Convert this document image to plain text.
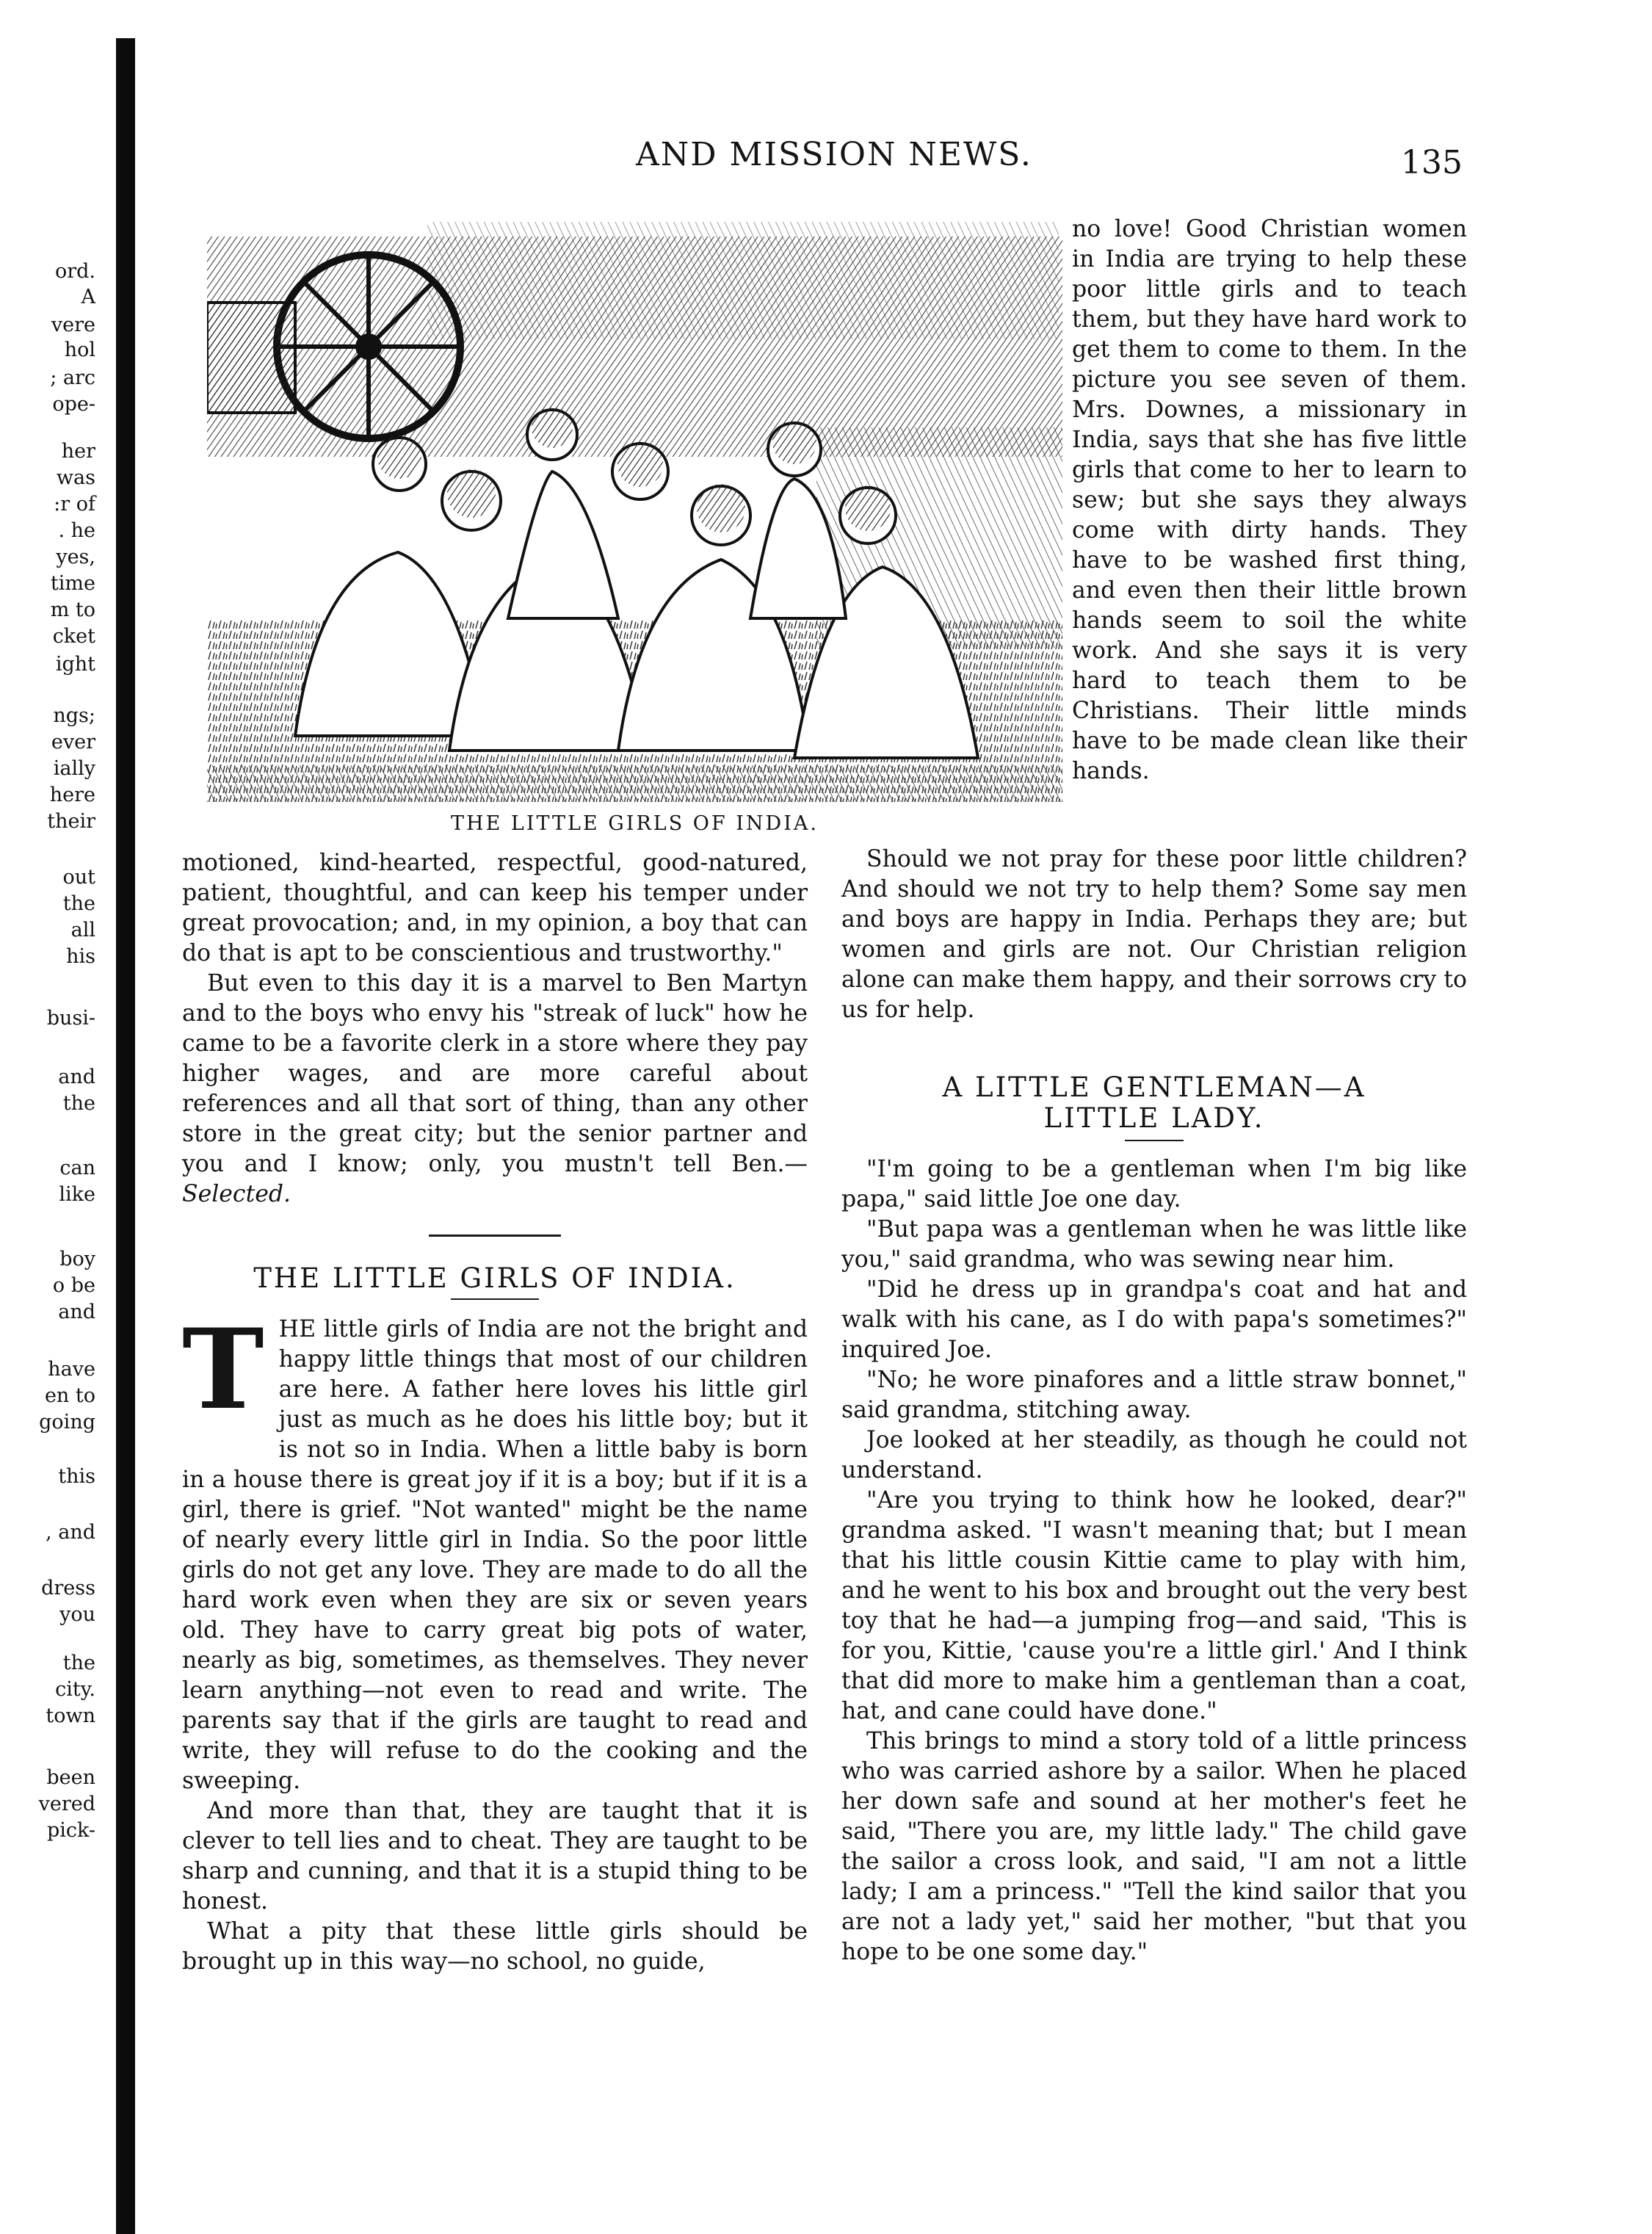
ord.
A
vere
hol
; arc
ope-
her
was
:r of
. he
yes,
time
m to
cket
ight
ngs;
ever
ially
here
their
out
the
all
his
busi-
and
the
can
like
boy
o be
and
have
en to
going
this
, and
dress
you
the
city.
town
been
vered
pick-
AND MISSION NEWS.	135
THE LITTLE GIRLS OF INDIA.

motioned, kind-hearted, respectful, good-natured, patient, thoughtful, and can keep his temper under great provocation; and, in my opinion, a boy that can do that is apt to be conscientious and trustworthy."

But even to this day it is a marvel to Ben Martyn and to the boys who envy his "streak of luck" how he came to be a favorite clerk in a store where they pay higher wages, and are more careful about references and all that sort of thing, than any other store in the great city; but the senior partner and you and I know; only, you mustn't tell Ben.—Selected.

THE LITTLE GIRLS OF INDIA.

THE little girls of India are not the bright and happy little things that most of our children are here. A father here loves his little girl just as much as he does his little boy; but it is not so in India. When a little baby is born in a house there is great joy if it is a boy; but if it is a girl, there is grief. "Not wanted" might be the name of nearly every little girl in India. So the poor little girls do not get any love. They are made to do all the hard work even when they are six or seven years old. They have to carry great big pots of water, nearly as big, sometimes, as themselves. They never learn anything—not even to read and write. The parents say that if the girls are taught to read and write, they will refuse to do the cooking and the sweeping.

And more than that, they are taught that it is clever to tell lies and to cheat. They are taught to be sharp and cunning, and that it is a stupid thing to be honest.

What a pity that these little girls should be brought up in this way—no school, no guide,

no love! Good Christian women in India are trying to help these poor little girls and to teach them, but they have hard work to get them to come to them. In the picture you see seven of them. Mrs. Downes, a missionary in India, says that she has five little girls that come to her to learn to sew; but she says they always come with dirty hands. They have to be washed first thing, and even then their little brown hands seem to soil the white work. And she says it is very hard to teach them to be Christians. Their little minds have to be made clean like their hands.

Should we not pray for these poor little children? And should we not try to help them? Some say men and boys are happy in India. Perhaps they are; but women and girls are not. Our Christian religion alone can make them happy, and their sorrows cry to us for help.

A LITTLE GENTLEMAN—A LITTLE LADY.

"I'm going to be a gentleman when I'm big like papa," said little Joe one day.

"But papa was a gentleman when he was little like you," said grandma, who was sewing near him.

"Did he dress up in grandpa's coat and hat and walk with his cane, as I do with papa's sometimes?" inquired Joe.

"No; he wore pinafores and a little straw bonnet," said grandma, stitching away.

Joe looked at her steadily, as though he could not understand.

"Are you trying to think how he looked, dear?" grandma asked. "I wasn't meaning that; but I mean that his little cousin Kittie came to play with him, and he went to his box and brought out the very best toy that he had—a jumping frog—and said, 'This is for you, Kittie, 'cause you're a little girl.' And I think that did more to make him a gentleman than a coat, hat, and cane could have done."

This brings to mind a story told of a little princess who was carried ashore by a sailor. When he placed her down safe and sound at her mother's feet he said, "There you are, my little lady." The child gave the sailor a cross look, and said, "I am not a little lady; I am a princess." "Tell the kind sailor that you are not a lady yet," said her mother, "but that you hope to be one some day."
